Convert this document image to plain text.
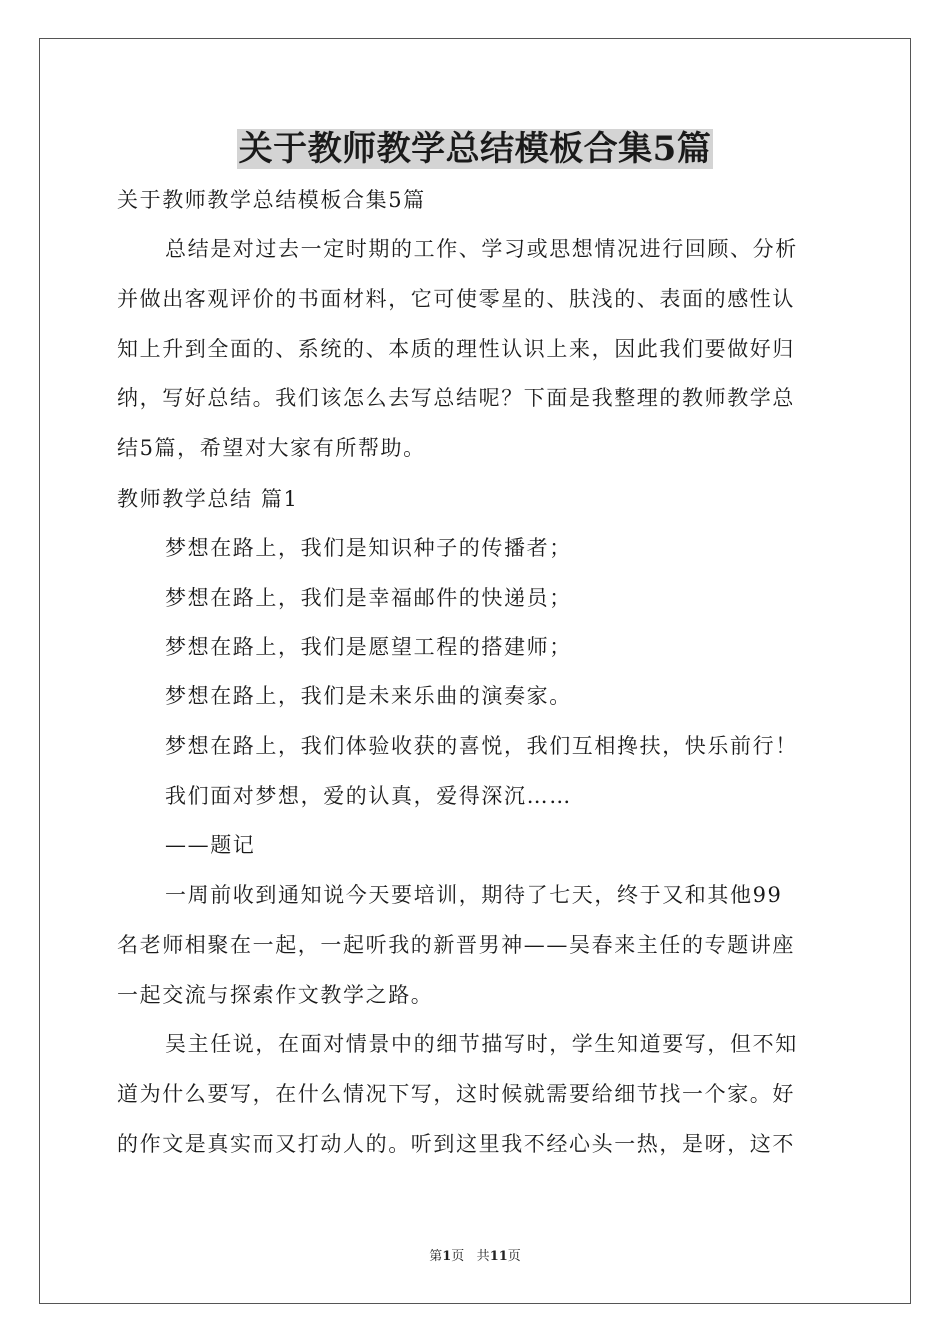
关于教师教学总结模板合集5篇
关于教师教学总结模板合集5篇
总结是对过去一定时期的工作、学习或思想情况进行回顾、分析
并做出客观评价的书面材料，它可使零星的、肤浅的、表面的感性认
知上升到全面的、系统的、本质的理性认识上来，因此我们要做好归
纳，写好总结。我们该怎么去写总结呢？下面是我整理的教师教学总
结5篇，希望对大家有所帮助。
教师教学总结 篇1
梦想在路上，我们是知识种子的传播者；
梦想在路上，我们是幸福邮件的快递员；
梦想在路上，我们是愿望工程的搭建师；
梦想在路上，我们是未来乐曲的演奏家。
梦想在路上，我们体验收获的喜悦，我们互相搀扶，快乐前行！
我们面对梦想，爱的认真，爱得深沉……
——题记
一周前收到通知说今天要培训，期待了七天，终于又和其他99
名老师相聚在一起，一起听我的新晋男神——吴春来主任的专题讲座
一起交流与探索作文教学之路。
吴主任说，在面对情景中的细节描写时，学生知道要写，但不知
道为什么要写，在什么情况下写，这时候就需要给细节找一个家。好
的作文是真实而又打动人的。听到这里我不经心头一热，是呀，这不
第1页 共11页
